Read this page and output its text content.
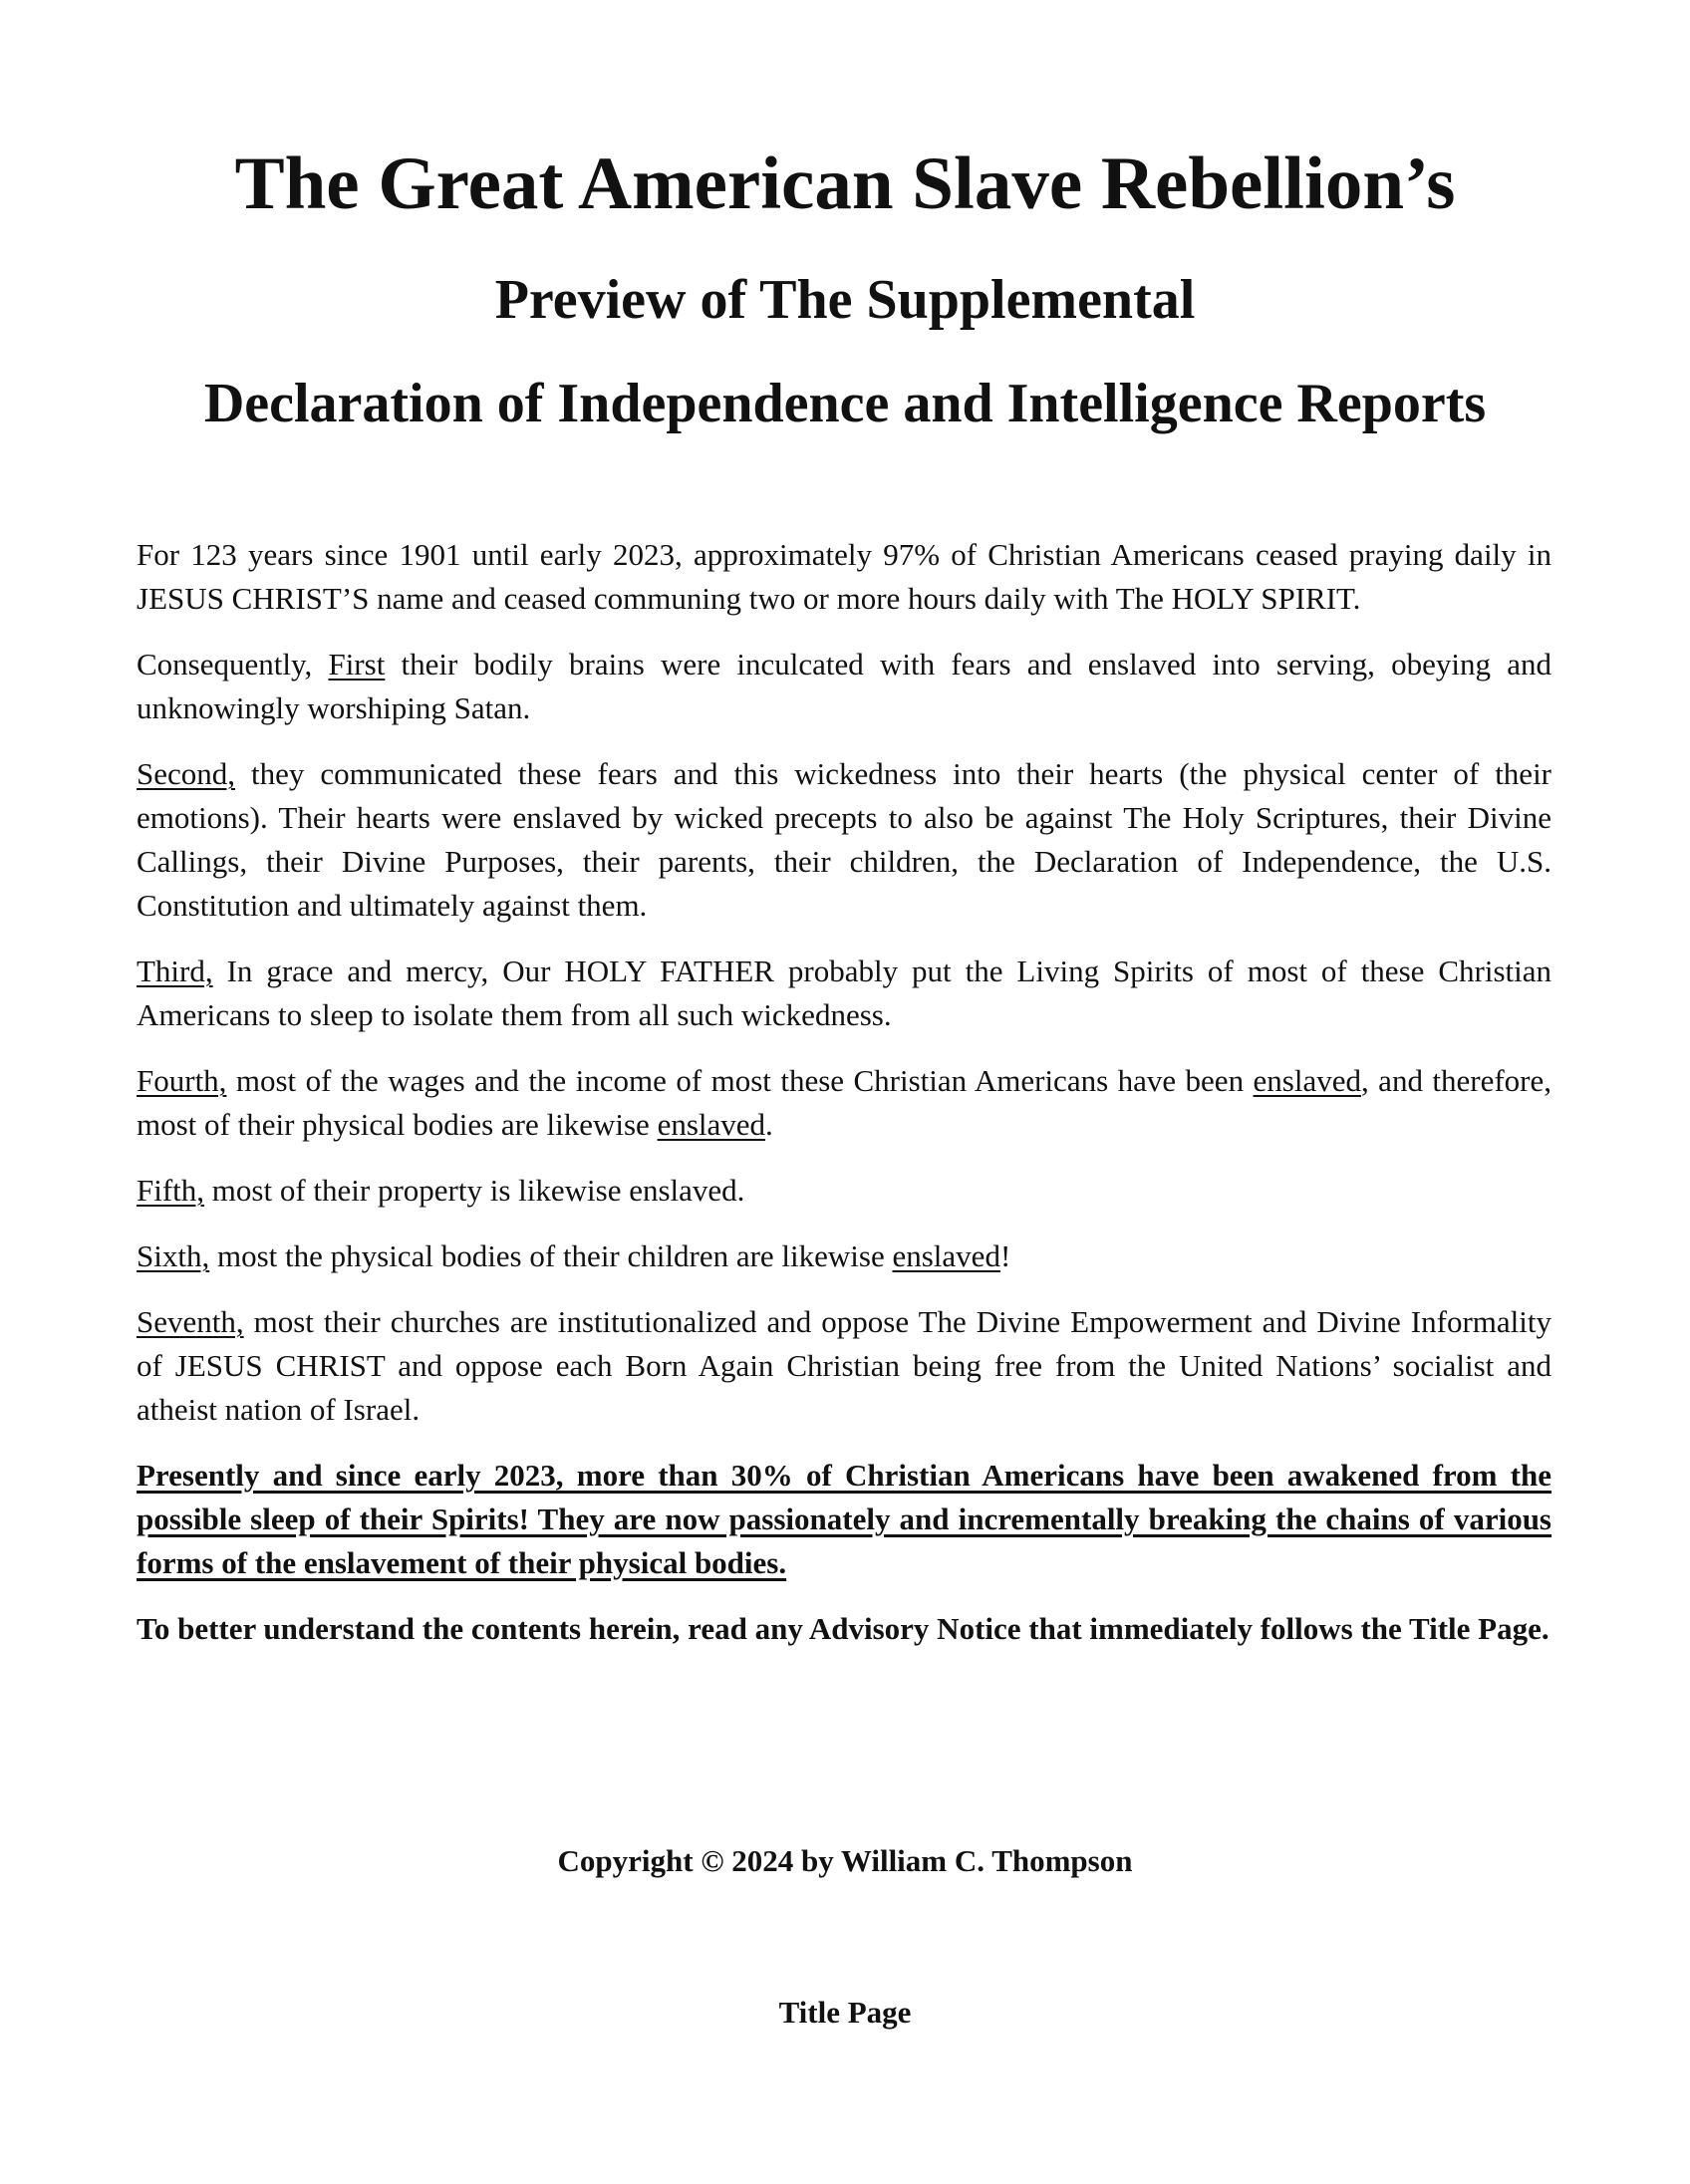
The Great American Slave Rebellion’s
Preview of The Supplemental
Declaration of Independence and Intelligence Reports

For 123 years since 1901 until early 2023, approximately 97% of Christian Americans ceased praying daily in JESUS CHRIST’S name and ceased communing two or more hours daily with The HOLY SPIRIT.

Consequently, First their bodily brains were inculcated with fears and enslaved into serving, obeying and unknowingly worshiping Satan.

Second, they communicated these fears and this wickedness into their hearts (the physical center of their emotions). Their hearts were enslaved by wicked precepts to also be against The Holy Scriptures, their Divine Callings, their Divine Purposes, their parents, their children, the Declaration of Independence, the U.S. Constitution and ultimately against them.

Third, In grace and mercy, Our HOLY FATHER probably put the Living Spirits of most of these Christian Americans to sleep to isolate them from all such wickedness.

Fourth, most of the wages and the income of most these Christian Americans have been enslaved, and therefore, most of their physical bodies are likewise enslaved.

Fifth, most of their property is likewise enslaved.

Sixth, most the physical bodies of their children are likewise enslaved!

Seventh, most their churches are institutionalized and oppose The Divine Empowerment and Divine Informality of JESUS CHRIST and oppose each Born Again Christian being free from the United Nations’ socialist and atheist nation of Israel.

Presently and since early 2023, more than 30% of Christian Americans have been awakened from the possible sleep of their Spirits! They are now passionately and incrementally breaking the chains of various forms of the enslavement of their physical bodies.

To better understand the contents herein, read any Advisory Notice that immediately follows the Title Page.

Copyright © 2024 by William C. Thompson
Title Page
